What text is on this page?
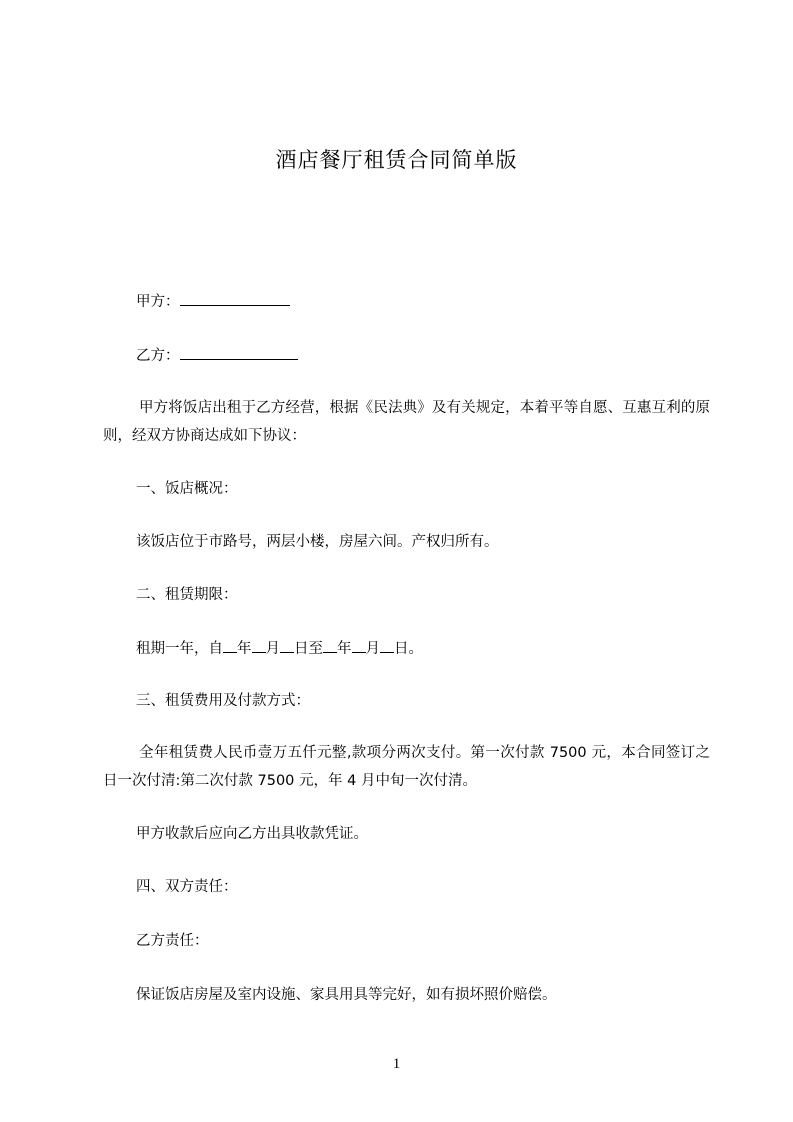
酒店餐厅租赁合同简单版
甲方：
乙方：
甲方将饭店出租于乙方经营，根据《民法典》及有关规定，本着平等自愿、互惠互利的原则，经双方协商达成如下协议：
一、饭店概况：
该饭店位于市路号，两层小楼，房屋六间。产权归所有。
二、租赁期限：
租期一年，自 年 月 日至 年 月 日。
三、租赁费用及付款方式：
全年租赁费人民币壹万五仟元整,款项分两次支付。第一次付款 7500 元，本合同签订之日一次付清:第二次付款 7500 元，年 4 月中旬一次付清。
甲方收款后应向乙方出具收款凭证。
四、双方责任：
乙方责任：
保证饭店房屋及室内设施、家具用具等完好，如有损坏照价赔偿。
1
